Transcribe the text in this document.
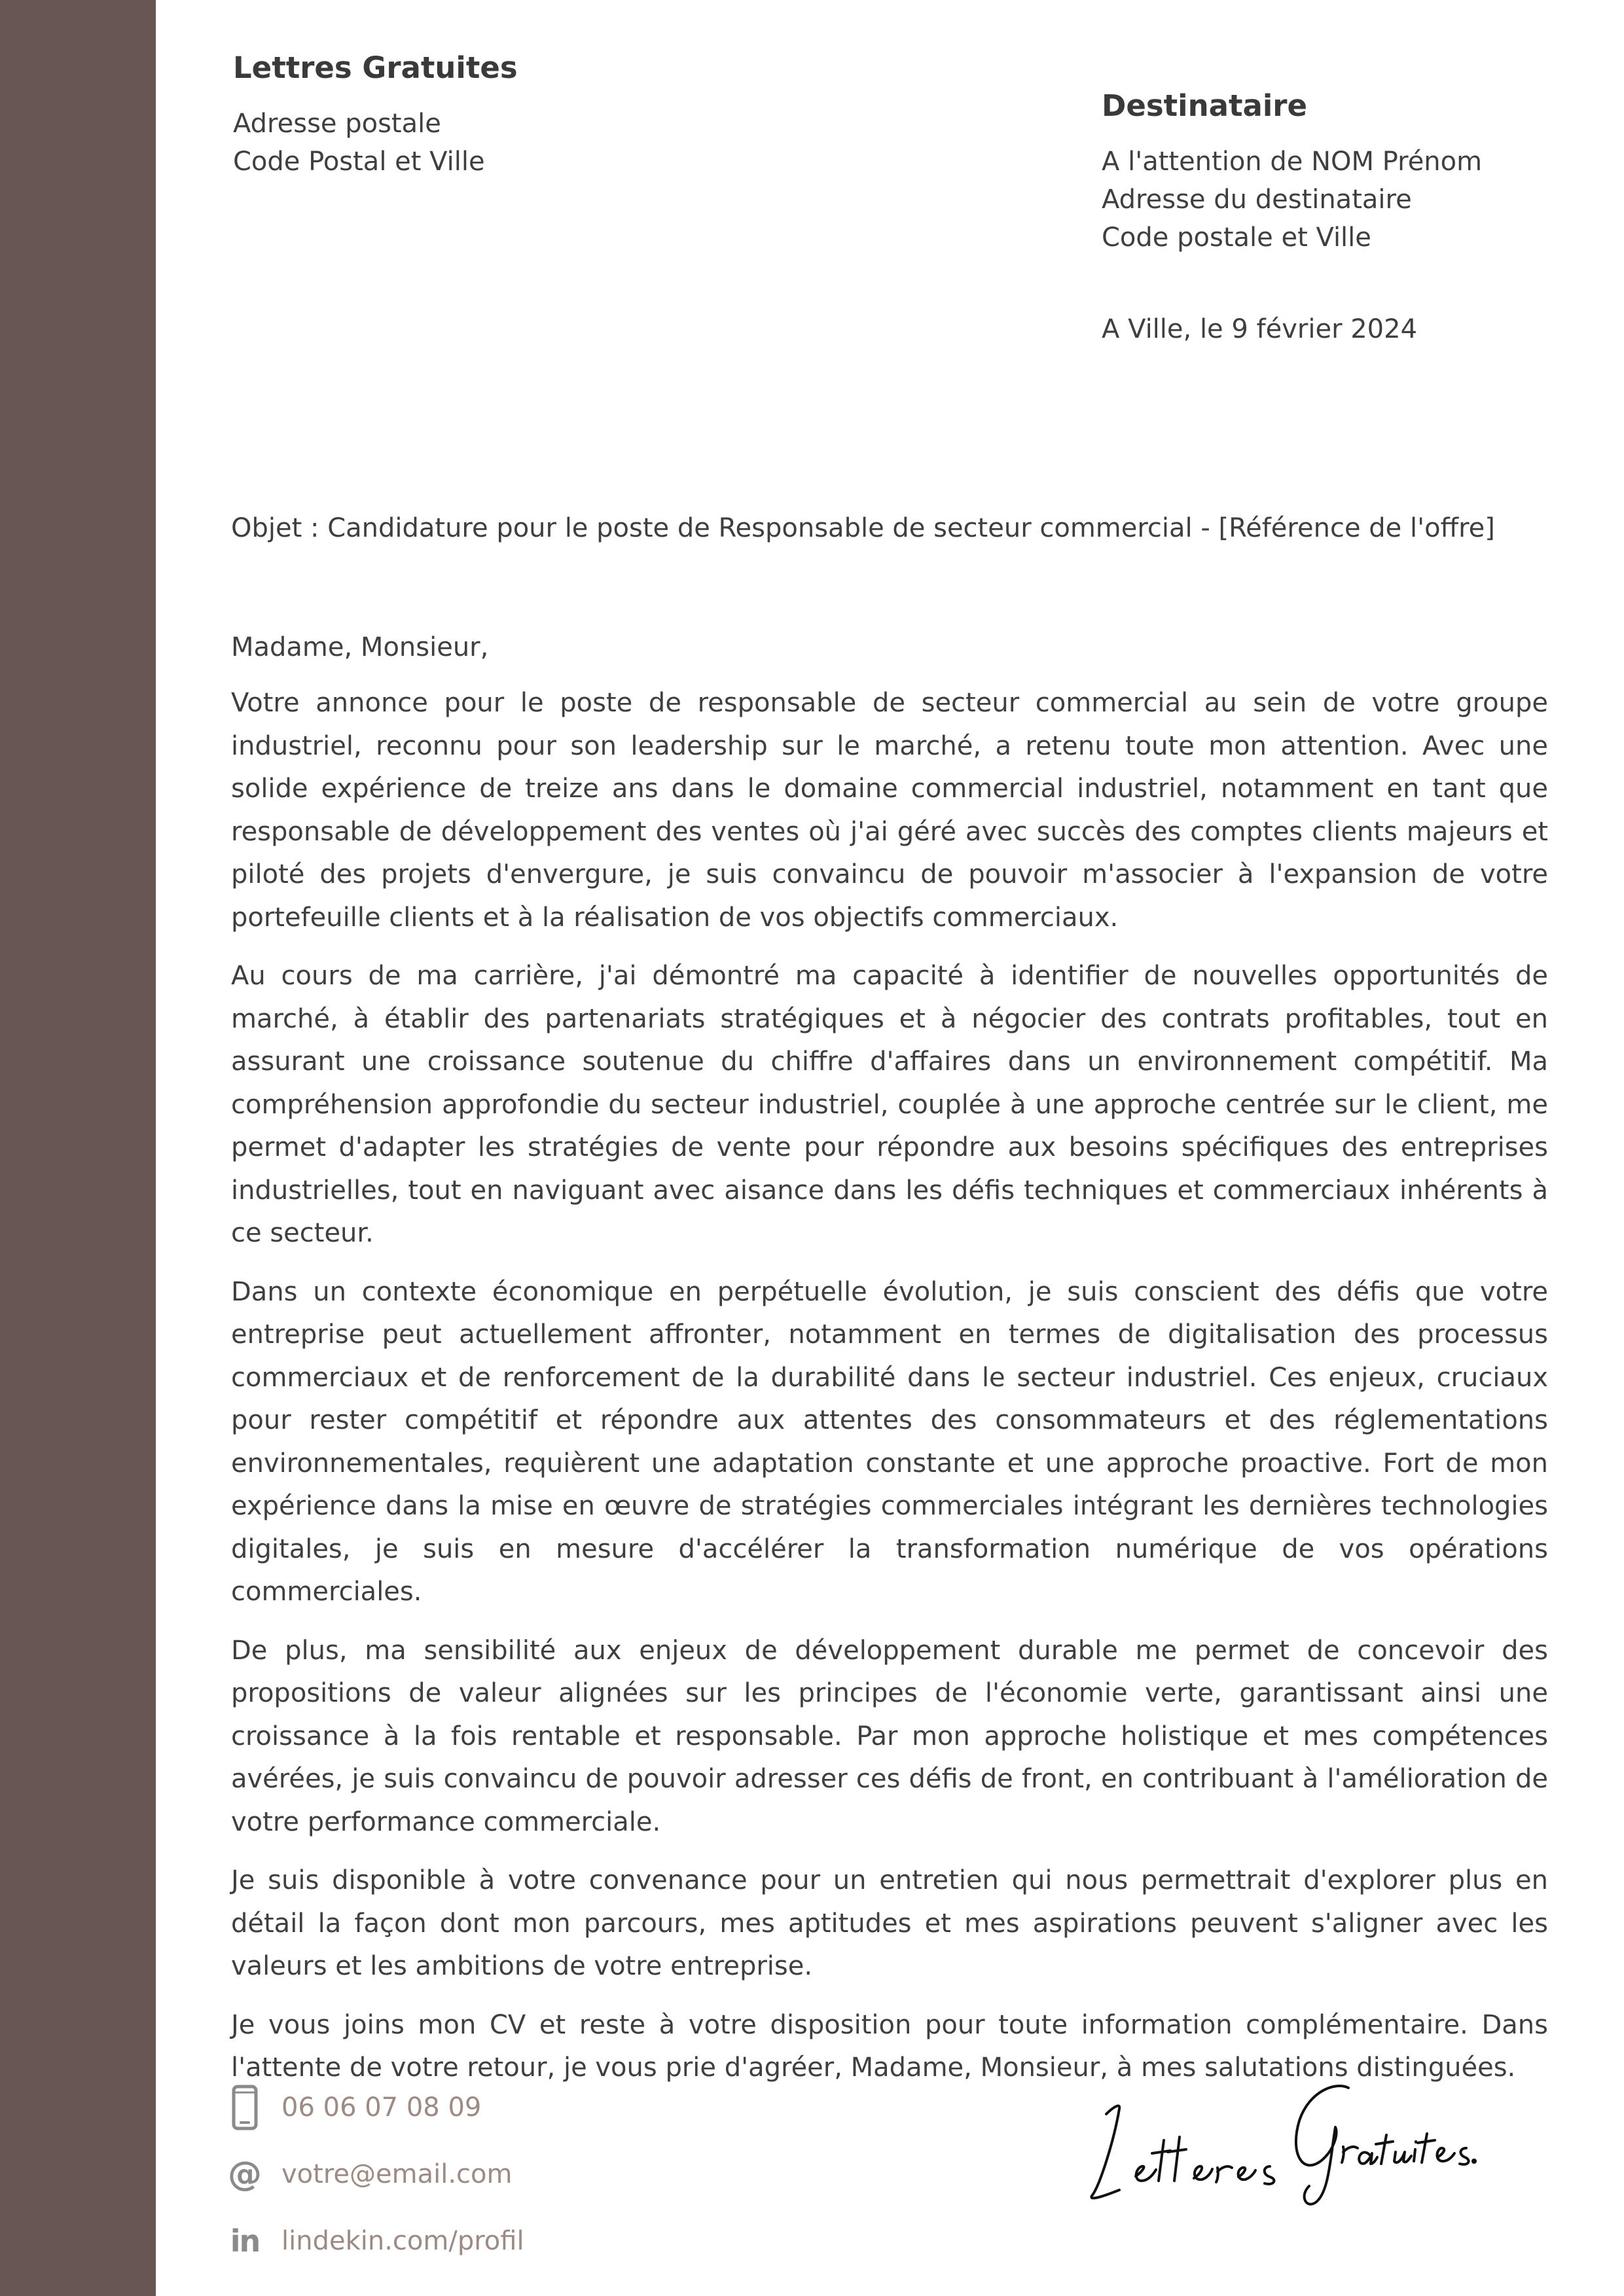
Lettres Gratuites
Adresse postale
Code Postal et Ville
Destinataire
A l'attention de NOM Prénom
Adresse du destinataire
Code postale et Ville
A Ville, le 9 février 2024
Objet : Candidature pour le poste de Responsable de secteur commercial - [Référence de l'offre]

Madame, Monsieur,

Votre annonce pour le poste de responsable de secteur commercial au sein de votre groupe industriel, reconnu pour son leadership sur le marché, a retenu toute mon attention. Avec une solide expérience de treize ans dans le domaine commercial industriel, notamment en tant que responsable de développement des ventes où j'ai géré avec succès des comptes clients majeurs et piloté des projets d'envergure, je suis convaincu de pouvoir m'associer à l'expansion de votre portefeuille clients et à la réalisation de vos objectifs commerciaux.

Au cours de ma carrière, j'ai démontré ma capacité à identifier de nouvelles opportunités de marché, à établir des partenariats stratégiques et à négocier des contrats profitables, tout en assurant une croissance soutenue du chiffre d'affaires dans un environnement compétitif. Ma compréhension approfondie du secteur industriel, couplée à une approche centrée sur le client, me permet d'adapter les stratégies de vente pour répondre aux besoins spécifiques des entreprises industrielles, tout en naviguant avec aisance dans les défis techniques et commerciaux inhérents à ce secteur.

Dans un contexte économique en perpétuelle évolution, je suis conscient des défis que votre entreprise peut actuellement affronter, notamment en termes de digitalisation des processus commerciaux et de renforcement de la durabilité dans le secteur industriel. Ces enjeux, cruciaux pour rester compétitif et répondre aux attentes des consommateurs et des réglementations environnementales, requièrent une adaptation constante et une approche proactive. Fort de mon expérience dans la mise en œuvre de stratégies commerciales intégrant les dernières technologies digitales, je suis en mesure d'accélérer la transformation numérique de vos opérations commerciales.

De plus, ma sensibilité aux enjeux de développement durable me permet de concevoir des propositions de valeur alignées sur les principes de l'économie verte, garantissant ainsi une croissance à la fois rentable et responsable. Par mon approche holistique et mes compétences avérées, je suis convaincu de pouvoir adresser ces défis de front, en contribuant à l'amélioration de votre performance commerciale.

Je suis disponible à votre convenance pour un entretien qui nous permettrait d'explorer plus en détail la façon dont mon parcours, mes aptitudes et mes aspirations peuvent s'aligner avec les valeurs et les ambitions de votre entreprise.

Je vous joins mon CV et reste à votre disposition pour toute information complémentaire. Dans l'attente de votre retour, je vous prie d'agréer, Madame, Monsieur, à mes salutations distinguées.

06 06 07 08 09
@ votre@email.com
in lindekin.com/profil
